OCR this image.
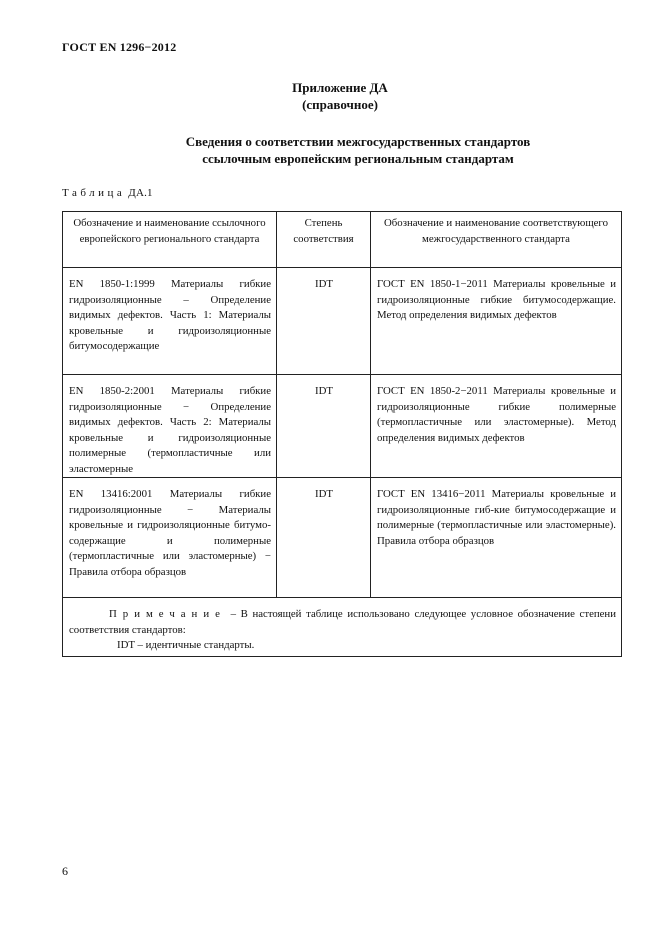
ГОСТ EN 1296−2012
Приложение ДА
(справочное)
Сведения о соответствии межгосударственных стандартов
ссылочным европейским региональным стандартам
Таблица ДА.1
Обозначение и наименование ссылочного европейского регионального стандарта	Степень соответствия	Обозначение и наименование соответствующего межгосударственного стандарта

EN 1850-1:1999 Материалы гибкие гидроизоляционные – Определение видимых дефектов. Часть 1: Материалы кровельные и гидроизоляционные битумосодержащие	IDT	ГОСТ EN 1850-1−2011 Материалы кровельные и гидроизоляционные гибкие битумосодержащие. Метод определения видимых дефектов

EN 1850-2:2001 Материалы гибкие гидроизоляционные − Определение видимых дефектов. Часть 2: Материалы кровельные и гидроизоляционные полимерные (термопластичные или эластомерные	IDT	ГОСТ EN 1850-2−2011 Материалы кровельные и гидроизоляционные гибкие полимерные (термопластичные или эластомерные). Метод определения видимых дефектов

EN 13416:2001 Материалы гибкие гидроизоляционные − Материалы кровельные и гидроизоляционные битумо-содержащие и полимерные (термопластичные или эластомерные) − Правила отбора образцов	IDT	ГОСТ EN 13416−2011 Материалы кровельные и гидроизоляционные гиб-кие битумосодержащие и полимерные (термопластичные или эластомерные). Правила отбора образцов

Примечание – В настоящей таблице использовано следующее условное обозначение степени соответствия стандартов:
IDT – идентичные стандарты.		
6
